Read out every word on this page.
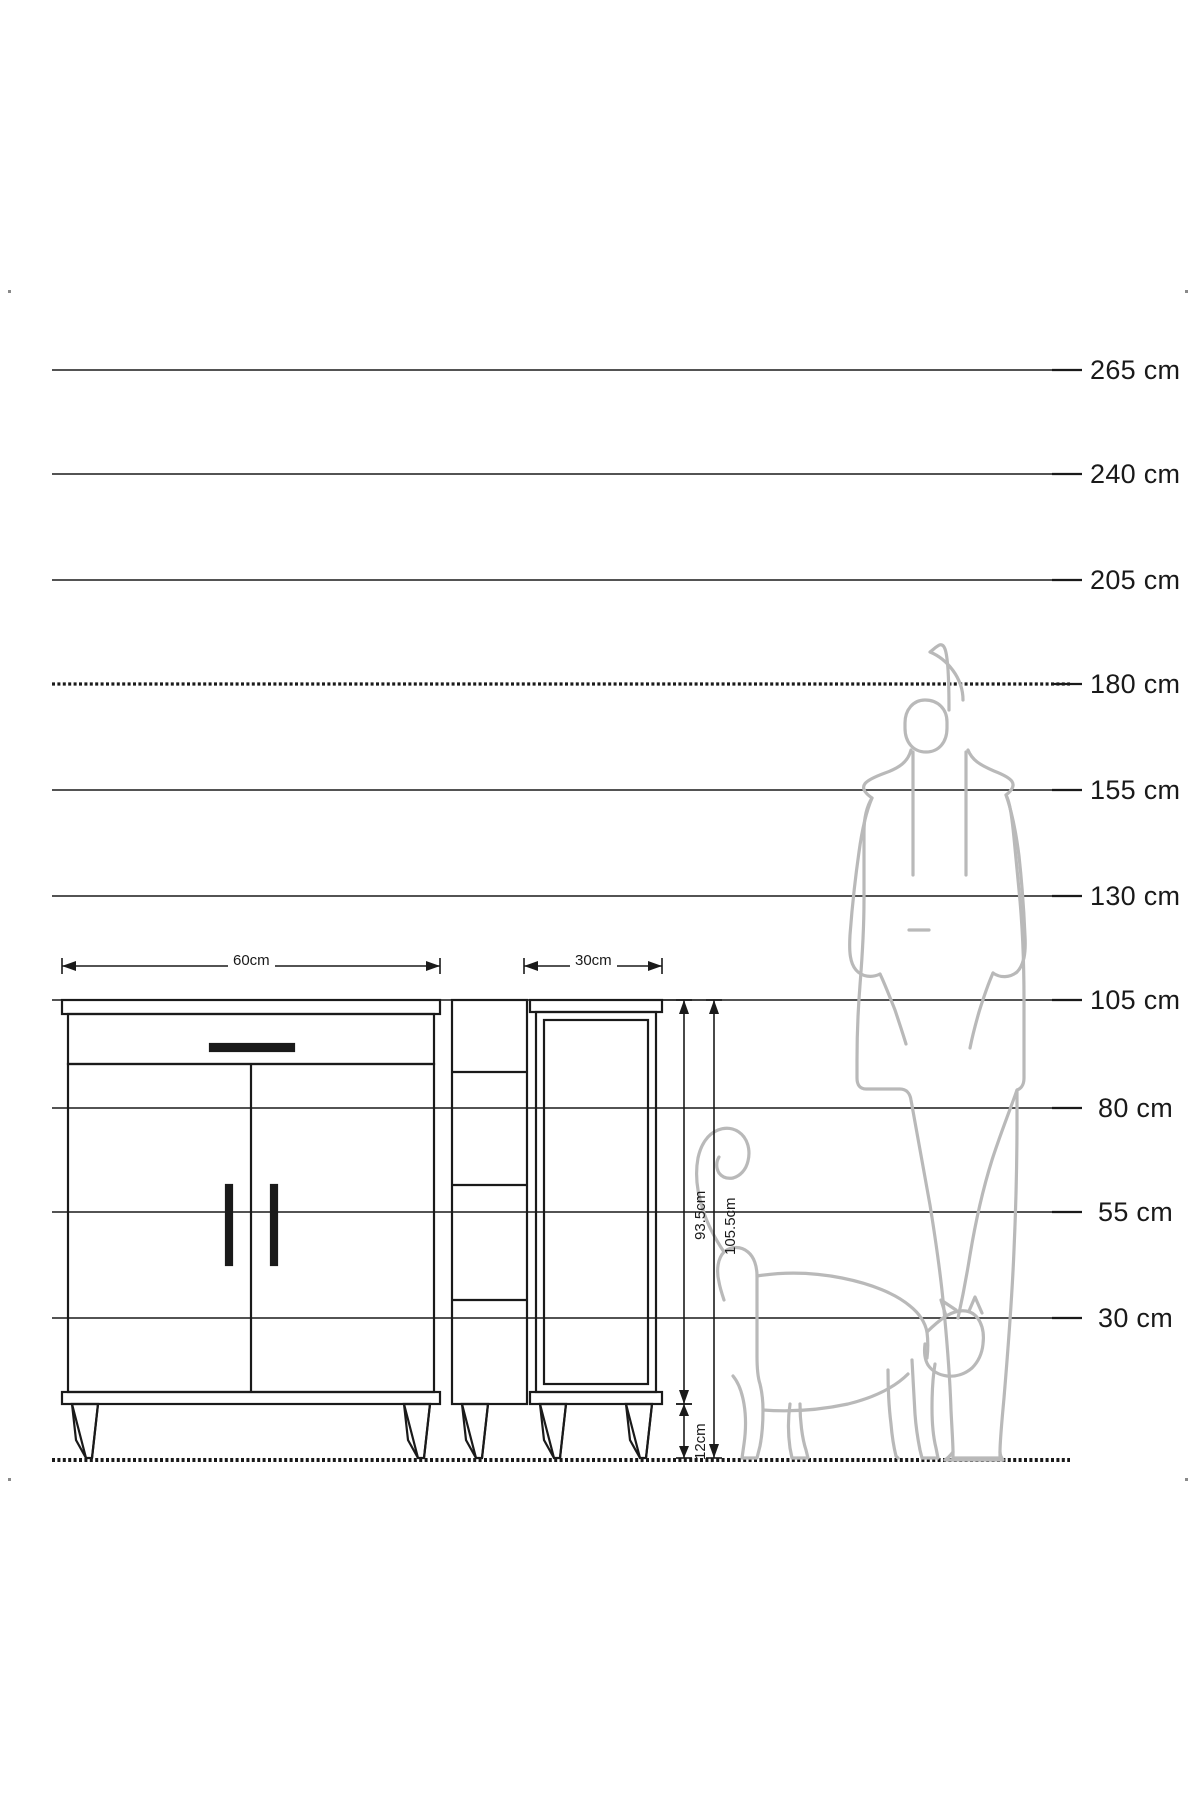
265 cm
240 cm
205 cm
180 cm
155 cm
130 cm
105 cm
80 cm
55 cm
30 cm
60cm	30cm
93.5cm 105.5cm
12cm
